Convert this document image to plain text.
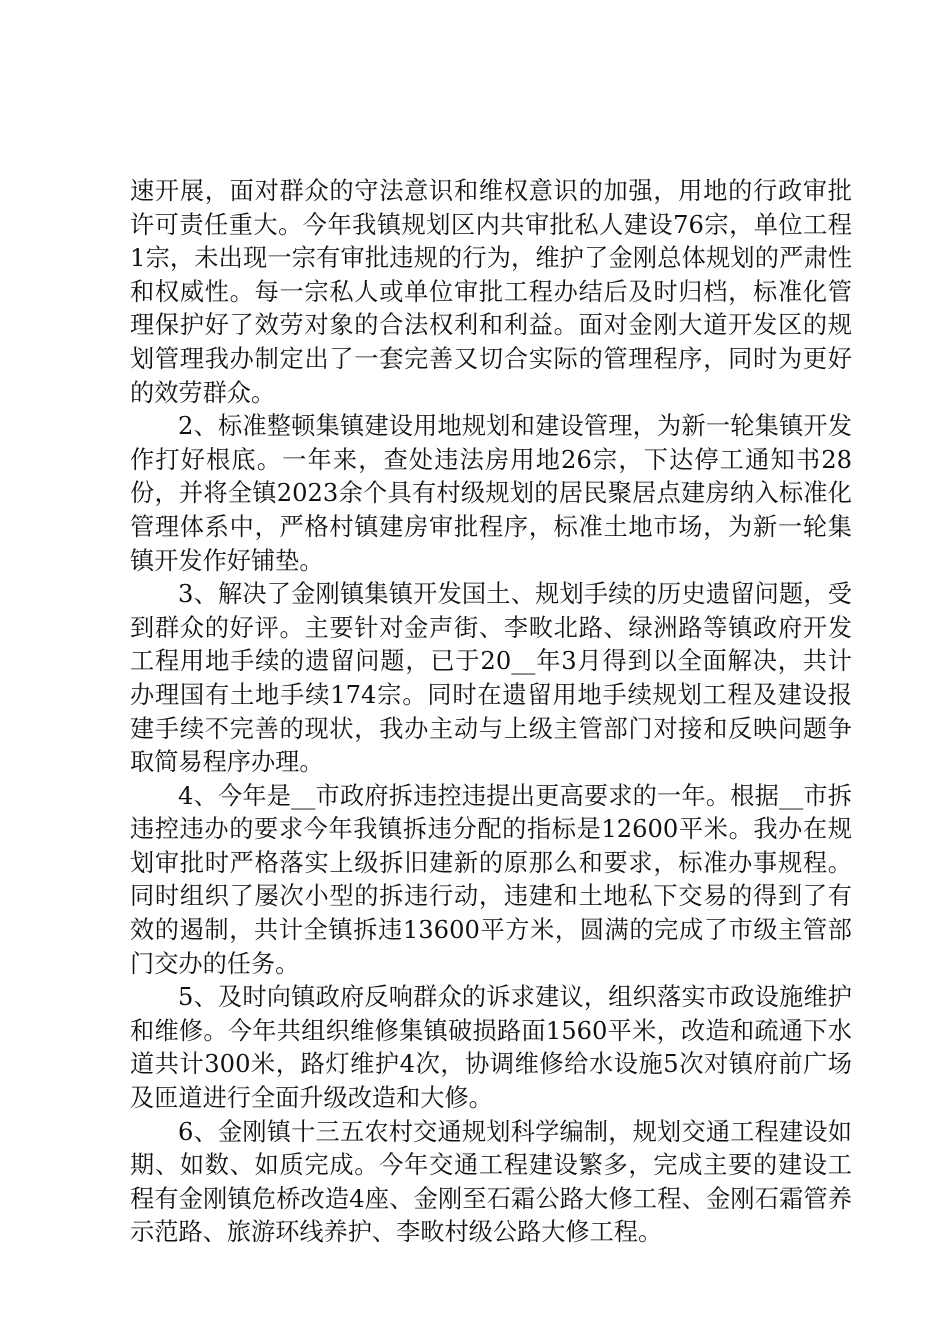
速开展，面对群众的守法意识和维权意识的加强，用地的行政审批许可责任重大。今年我镇规划区内共审批私人建设76宗，单位工程1宗，未出现一宗有审批违规的行为，维护了金刚总体规划的严肃性和权威性。每一宗私人或单位审批工程办结后及时归档，标准化管理保护好了效劳对象的合法权利和利益。面对金刚大道开发区的规划管理我办制定出了一套完善又切合实际的管理程序，同时为更好的效劳群众。

2、标准整顿集镇建设用地规划和建设管理，为新一轮集镇开发作打好根底。一年来，查处违法房用地26宗，下达停工通知书28份，并将全镇2023余个具有村级规划的居民聚居点建房纳入标准化管理体系中，严格村镇建房审批程序，标准土地市场，为新一轮集镇开发作好铺垫。

3、解决了金刚镇集镇开发国土、规划手续的历史遗留问题，受到群众的好评。主要针对金声街、李畋北路、绿洲路等镇政府开发工程用地手续的遗留问题，已于20__年3月得到以全面解决，共计办理国有土地手续174宗。同时在遗留用地手续规划工程及建设报建手续不完善的现状，我办主动与上级主管部门对接和反映问题争取简易程序办理。

4、今年是__市政府拆违控违提出更高要求的一年。根据__市拆违控违办的要求今年我镇拆违分配的指标是12600平米。我办在规划审批时严格落实上级拆旧建新的原那么和要求，标准办事规程。同时组织了屡次小型的拆违行动，违建和土地私下交易的得到了有效的遏制，共计全镇拆违13600平方米，圆满的完成了市级主管部门交办的任务。

5、及时向镇政府反响群众的诉求建议，组织落实市政设施维护和维修。今年共组织维修集镇破损路面1560平米，改造和疏通下水道共计300米，路灯维护4次，协调维修给水设施5次对镇府前广场及匝道进行全面升级改造和大修。

6、金刚镇十三五农村交通规划科学编制，规划交通工程建设如期、如数、如质完成。今年交通工程建设繁多，完成主要的建设工程有金刚镇危桥改造4座、金刚至石霜公路大修工程、金刚石霜管养示范路、旅游环线养护、李畋村级公路大修工程。
